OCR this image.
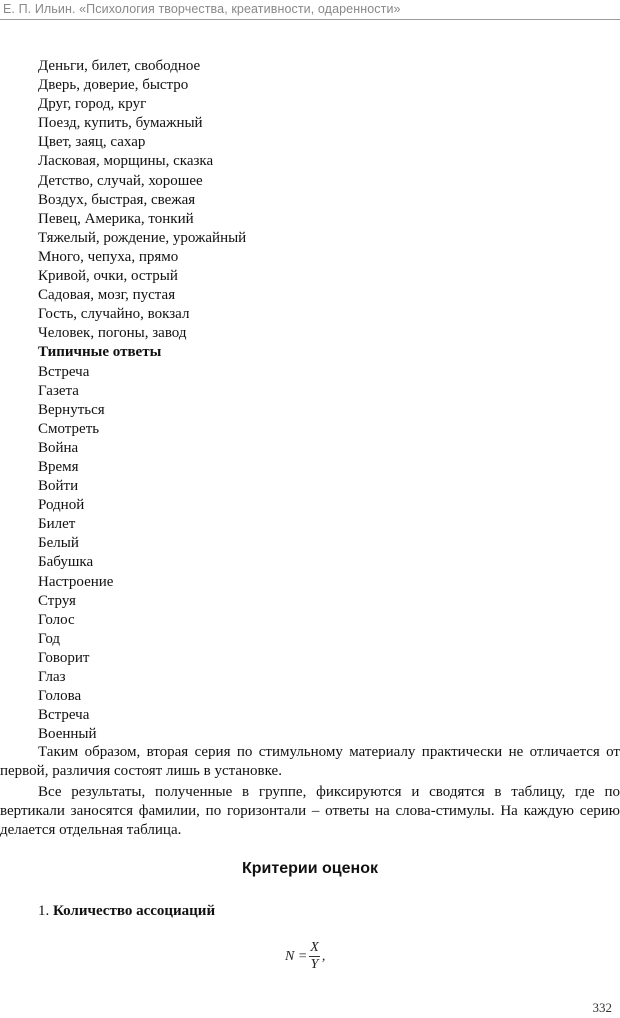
Е. П. Ильин. «Психология творчества, креативности, одаренности»
Деньги, билет, свободное
Дверь, доверие, быстро
Друг, город, круг
Поезд, купить, бумажный
Цвет, заяц, сахар
Ласковая, морщины, сказка
Детство, случай, хорошее
Воздух, быстрая, свежая
Певец, Америка, тонкий
Тяжелый, рождение, урожайный
Много, чепуха, прямо
Кривой, очки, острый
Садовая, мозг, пустая
Гость, случайно, вокзал
Человек, погоны, завод
Типичные ответы
Встреча
Газета
Вернуться
Смотреть
Война
Время
Войти
Родной
Билет
Белый
Бабушка
Настроение
Струя
Голос
Год
Говорит
Глаз
Голова
Встреча
Военный
Таким образом, вторая серия по стимульному материалу практически не отличается от первой, различия состоят лишь в установке.
Все результаты, полученные в группе, фиксируются и сводятся в таблицу, где по вертикали заносятся фамилии, по горизонтали – ответы на слова-стимулы. На каждую серию делается отдельная таблица.
Критерии оценок
1. Количество ассоциаций
$N = \frac{X}{Y}$ ,
332
